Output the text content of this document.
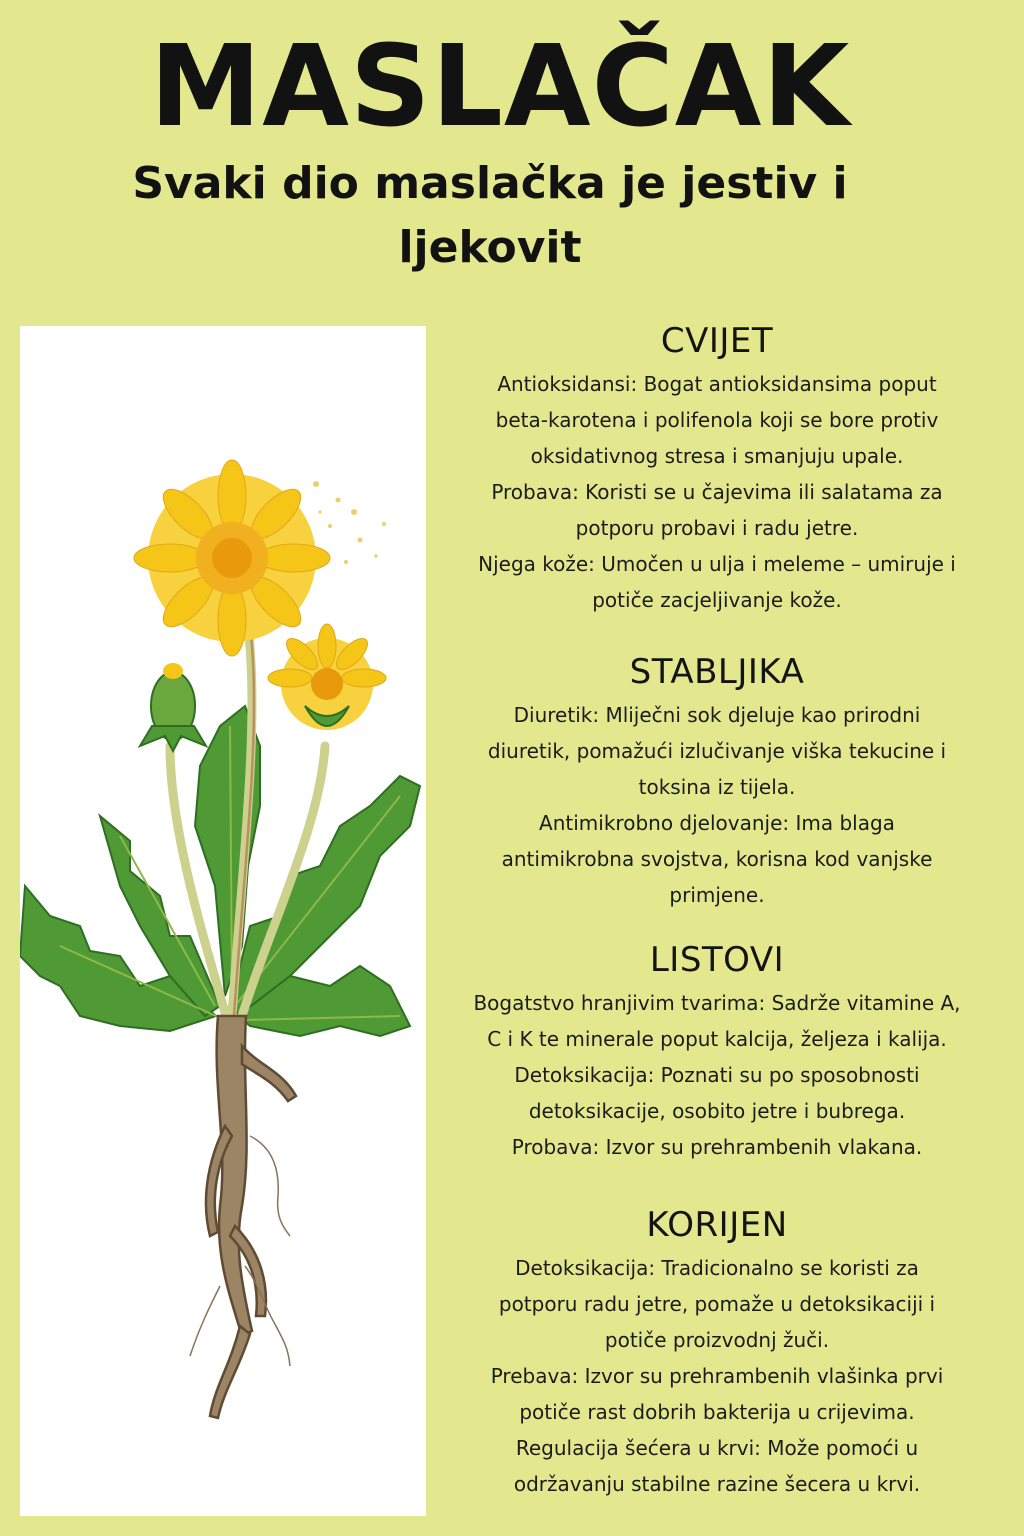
MASLAČAK
Svaki dio maslačka je jestiv i ljekovit
CVIJET

Antioksidansi: Bogat antioksidansima poput

beta-karotena i polifenola koji se bore protiv

oksidativnog stresa i smanjuju upale.

Probava: Koristi se u čajevima ili salatama za

potporu probavi i radu jetre.

Njega kože: Umočen u ulja i meleme – umiruje i

potiče zacjeljivanje kože.

STABLJIKA

Diuretik: Mliječni sok djeluje kao prirodni

diuretik, pomažući izlučivanje viška tekucine i

toksina iz tijela.

Antimikrobno djelovanje: Ima blaga

antimikrobna svojstva, korisna kod vanjske

primjene.

LISTOVI

Bogatstvo hranjivim tvarima: Sadrže vitamine A,

C i K te minerale poput kalcija, željeza i kalija.

Detoksikacija: Poznati su po sposobnosti

detoksikacije, osobito jetre i bubrega.

Probava: Izvor su prehrambenih vlakana.

KORIJEN

Detoksikacija: Tradicionalno se koristi za

potporu radu jetre, pomaže u detoksikaciji i

potiče proizvodnj žuči.

Prebava: Izvor su prehrambenih vlašinka prvi

potiče rast dobrih bakterija u crijevima.

Regulacija šećera u krvi: Može pomoći u

održavanju stabilne razine šecera u krvi.
